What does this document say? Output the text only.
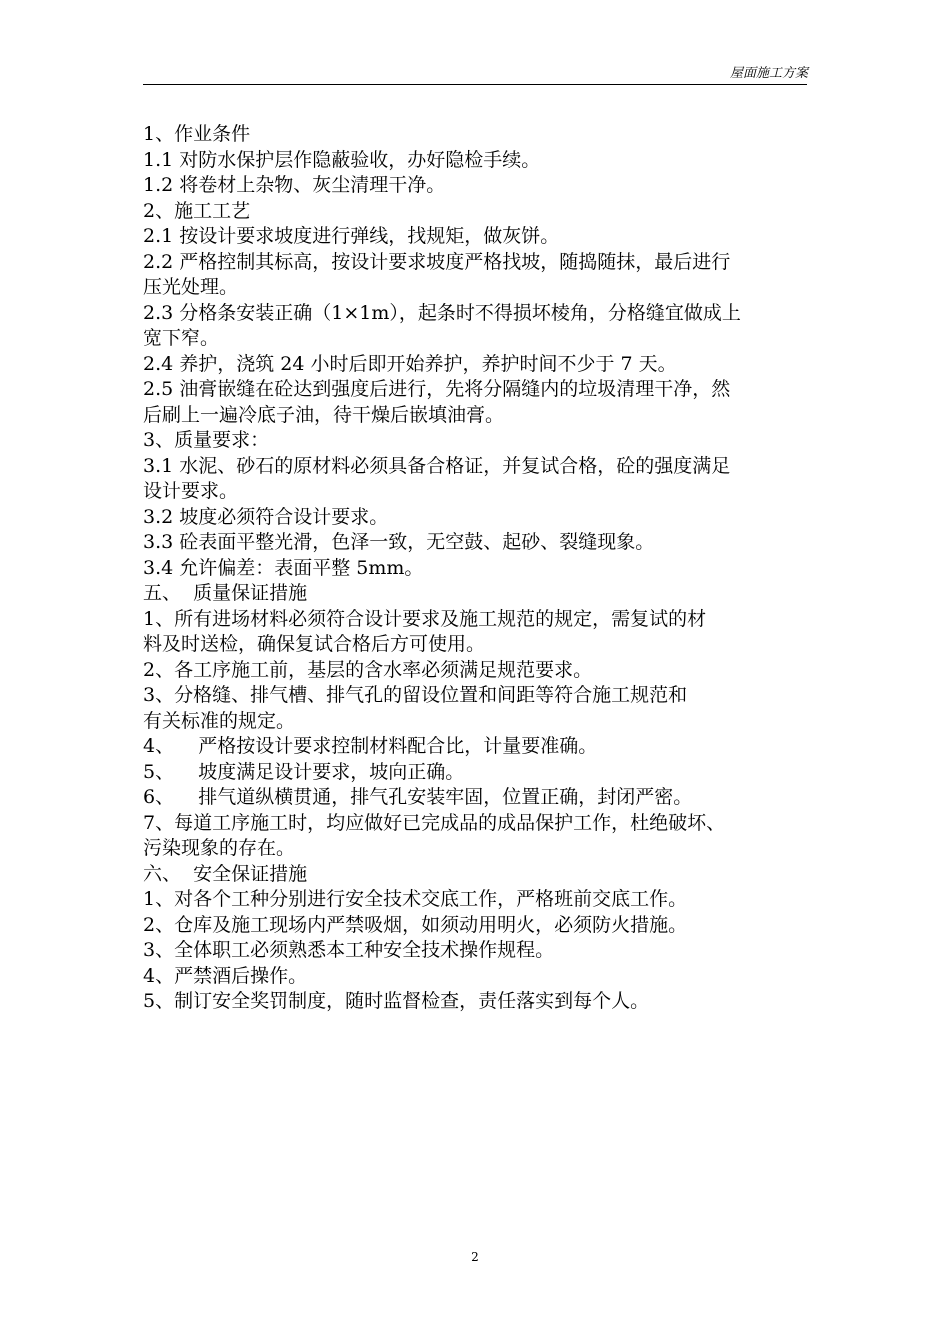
屋面施工方案
1、作业条件
1.1 对防水保护层作隐蔽验收，办好隐检手续。
1.2 将卷材上杂物、灰尘清理干净。
2、施工工艺
2.1 按设计要求坡度进行弹线，找规矩，做灰饼。
2.2 严格控制其标高，按设计要求坡度严格找坡，随捣随抹，最后进行
压光处理。
2.3 分格条安装正确（1×1m），起条时不得损坏棱角，分格缝宜做成上
宽下窄。
2.4 养护，浇筑 24 小时后即开始养护，养护时间不少于 7 天。
2.5 油膏嵌缝在砼达到强度后进行，先将分隔缝内的垃圾清理干净，然
后刷上一遍冷底子油，待干燥后嵌填油膏。
3、质量要求：
3.1 水泥、砂石的原材料必须具备合格证，并复试合格，砼的强度满足
设计要求。
3.2 坡度必须符合设计要求。
3.3 砼表面平整光滑，色泽一致，无空鼓、起砂、裂缝现象。
3.4 允许偏差：表面平整 5mm。
五、  质量保证措施
1、所有进场材料必须符合设计要求及施工规范的规定，需复试的材
料及时送检，确保复试合格后方可使用。
2、各工序施工前，基层的含水率必须满足规范要求。
3、分格缝、排气槽、排气孔的留设位置和间距等符合施工规范和
有关标准的规定。
4、    严格按设计要求控制材料配合比，计量要准确。
5、    坡度满足设计要求，坡向正确。
6、    排气道纵横贯通，排气孔安装牢固，位置正确，封闭严密。
7、每道工序施工时，均应做好已完成品的成品保护工作，杜绝破坏、
污染现象的存在。
六、  安全保证措施
1、对各个工种分别进行安全技术交底工作，严格班前交底工作。
2、仓库及施工现场内严禁吸烟，如须动用明火，必须防火措施。
3、全体职工必须熟悉本工种安全技术操作规程。
4、严禁酒后操作。
5、制订安全奖罚制度，随时监督检查，责任落实到每个人。
2
